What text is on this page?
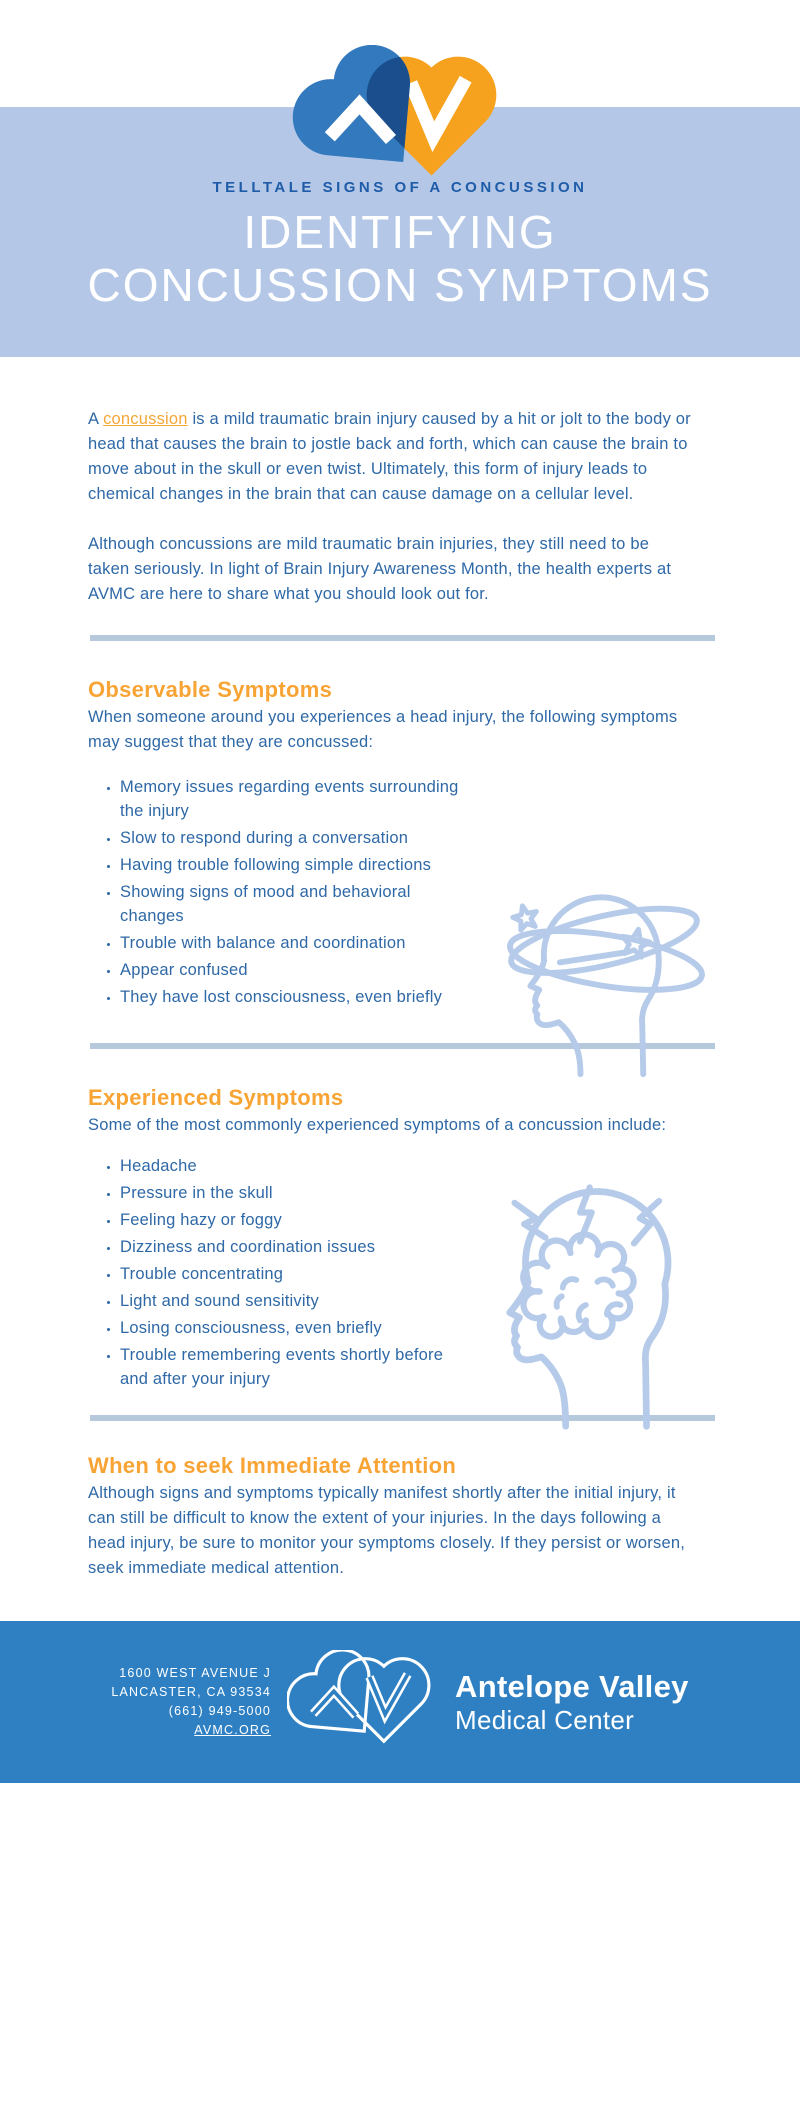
TELLTALE SIGNS OF A CONCUSSION
IDENTIFYING
CONCUSSION SYMPTOMS

A concussion is a mild traumatic brain injury caused by a hit or jolt to the body or head that causes the brain to jostle back and forth, which can cause the brain to move about in the skull or even twist. Ultimately, this form of injury leads to chemical changes in the brain that can cause damage on a cellular level.

Although concussions are mild traumatic brain injuries, they still need to be taken seriously. In light of Brain Injury Awareness Month, the health experts at AVMC are here to share what you should look out for.

Observable Symptoms

When someone around you experiences a head injury, the following symptoms may suggest that they are concussed:

• Memory issues regarding events surrounding the injury
• Slow to respond during a conversation
• Having trouble following simple directions
• Showing signs of mood and behavioral changes
• Trouble with balance and coordination
• Appear confused
• They have lost consciousness, even briefly
Experienced Symptoms

Some of the most commonly experienced symptoms of a concussion include:

• Headache
• Pressure in the skull
• Feeling hazy or foggy
• Dizziness and coordination issues
• Trouble concentrating
• Light and sound sensitivity
• Losing consciousness, even briefly
• Trouble remembering events shortly before and after your injury
When to seek Immediate Attention

Although signs and symptoms typically manifest shortly after the initial injury, it can still be difficult to know the extent of your injuries. In the days following a head injury, be sure to monitor your symptoms closely. If they persist or worsen, seek immediate medical attention.

1600 WEST AVENUE J
LANCASTER, CA 93534
(661) 949-5000
AVMC.ORG
Antelope Valley
Medical Center
